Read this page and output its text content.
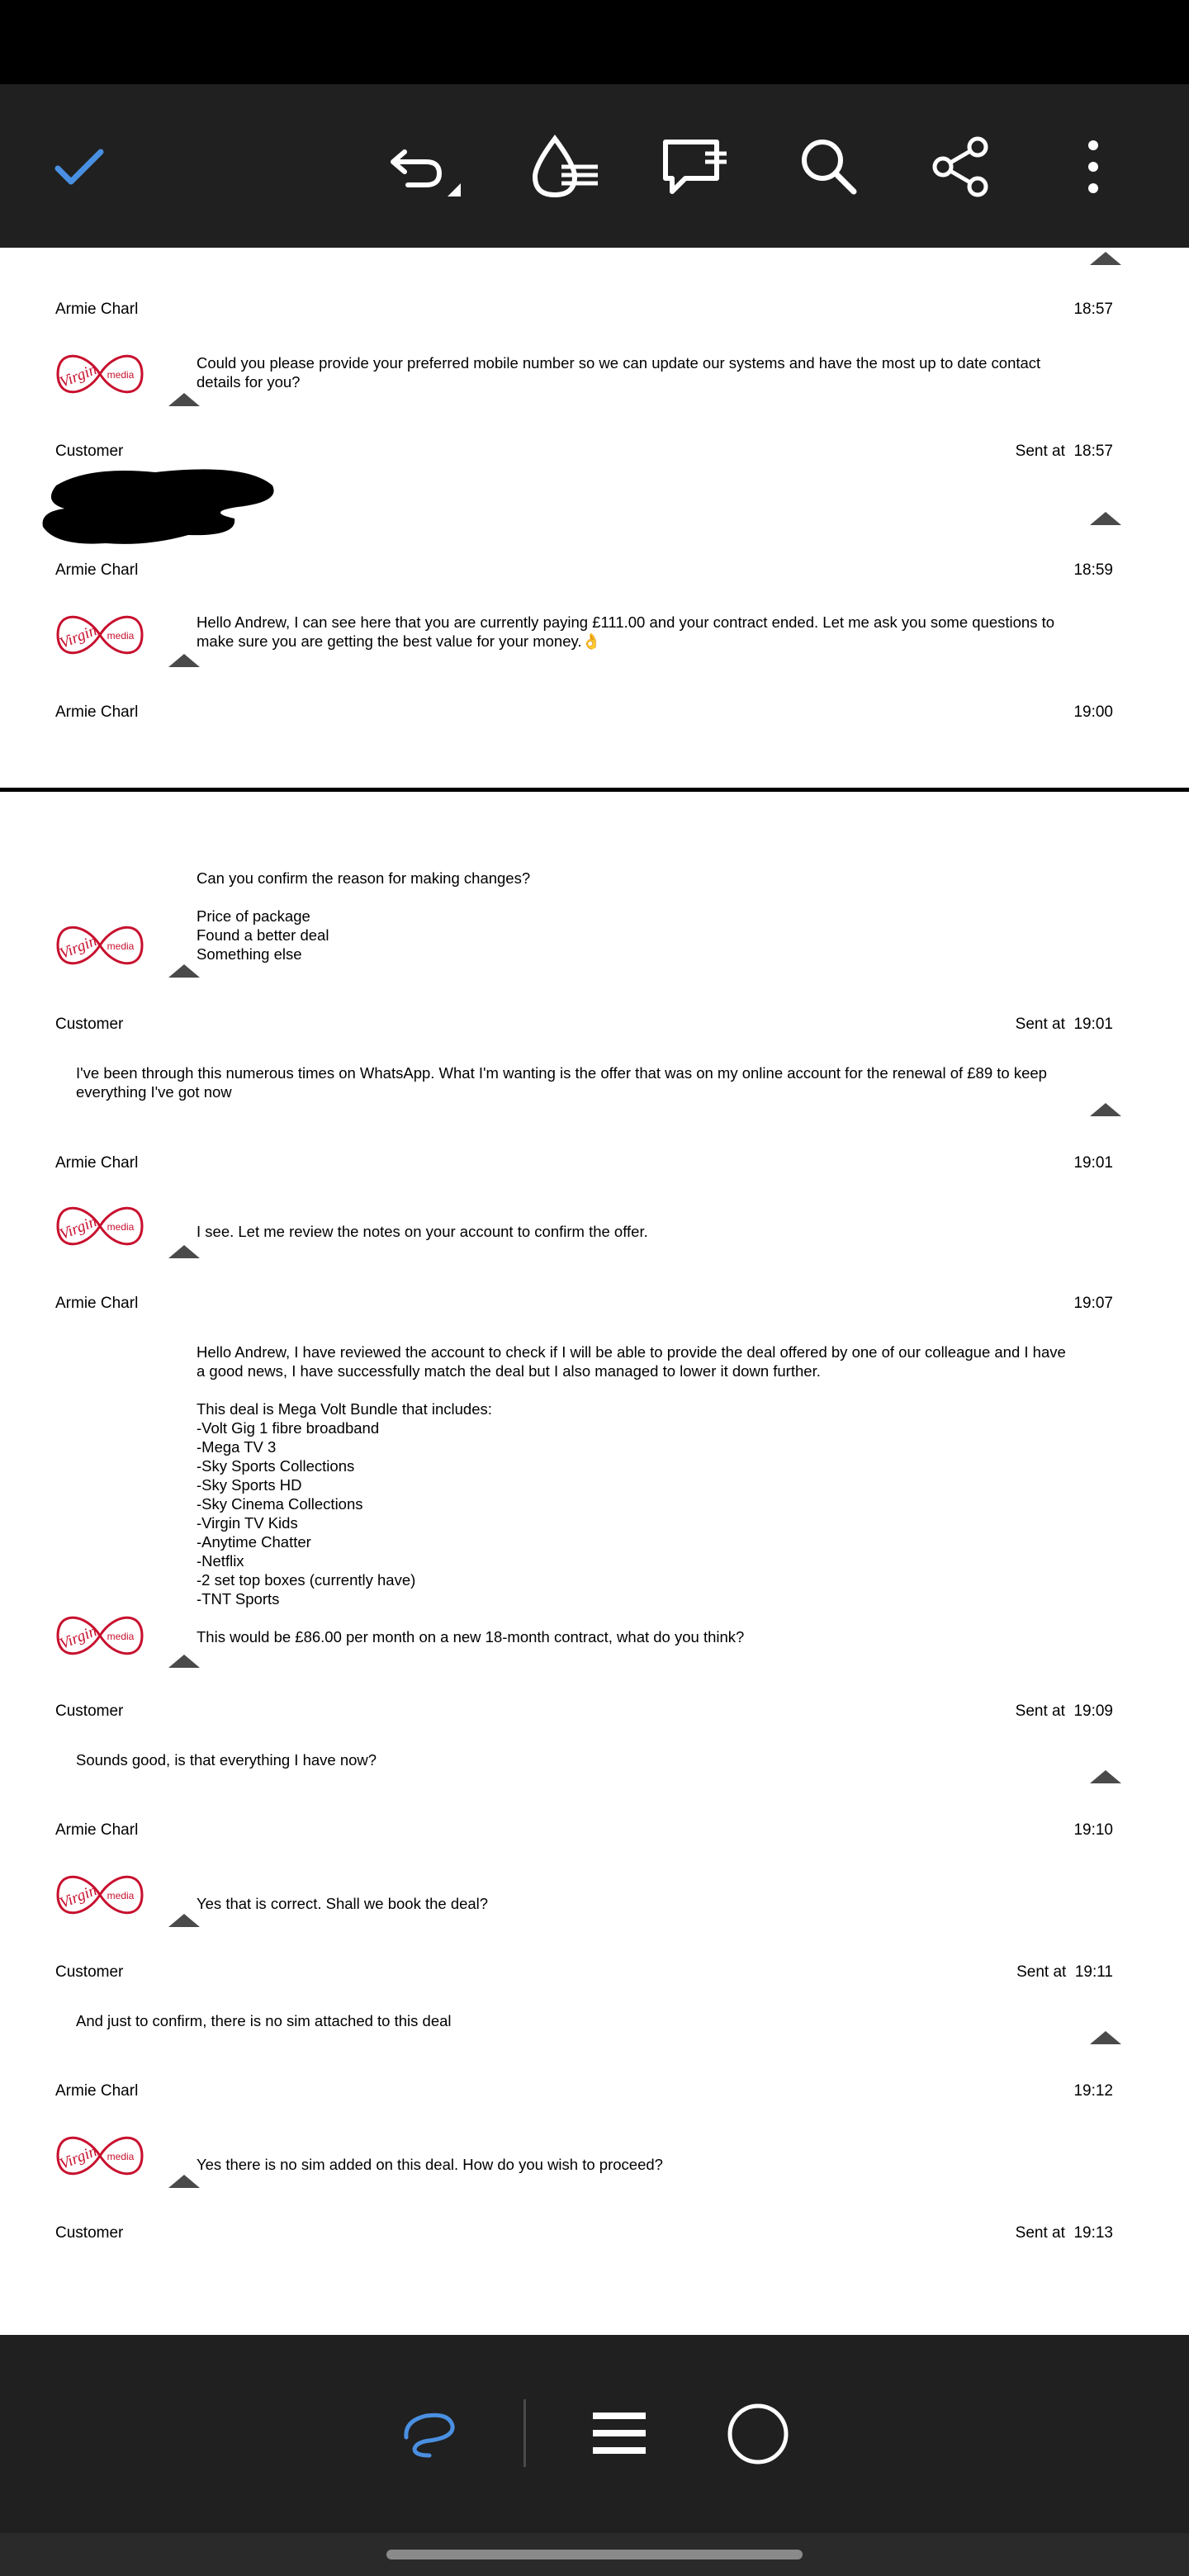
Armie Charl	18:57
Virgin media
Could you please provide your preferred mobile number so we can update our systems and have the most up to date contact details for you?
Customer	Sent at 18:57
Armie Charl	18:59
Virgin media
Hello Andrew, I can see here that you are currently paying £111.00 and your contract ended. Let me ask you some questions to make sure you are getting the best value for your money.👌
Armie Charl	19:00
Can you confirm the reason for making changes?

Price of package
Found a better deal
Something else
Virgin media
Customer	Sent at 19:01
I've been through this numerous times on WhatsApp. What I'm wanting is the offer that was on my online account for the renewal of £89 to keep everything I've got now
Armie Charl	19:01
Virgin media	I see. Let me review the notes on your account to confirm the offer.
Armie Charl	19:07
Hello Andrew, I have reviewed the account to check if I will be able to provide the deal offered by one of our colleague and I have a good news, I have successfully match the deal but I also managed to lower it down further.

This deal is Mega Volt Bundle that includes:
-Volt Gig 1 fibre broadband
-Mega TV 3
-Sky Sports Collections
-Sky Sports HD
-Sky Cinema Collections
-Virgin TV Kids
-Anytime Chatter
-Netflix
-2 set top boxes (currently have)
-TNT Sports

This would be £86.00 per month on a new 18-month contract, what do you think?
Virgin media
Customer	Sent at 19:09
Sounds good, is that everything I have now?
Armie Charl	19:10
Virgin media	Yes that is correct. Shall we book the deal?
Customer	Sent at 19:11
And just to confirm, there is no sim attached to this deal
Armie Charl	19:12
Virgin media	Yes there is no sim added on this deal. How do you wish to proceed?
Customer	Sent at 19:13
